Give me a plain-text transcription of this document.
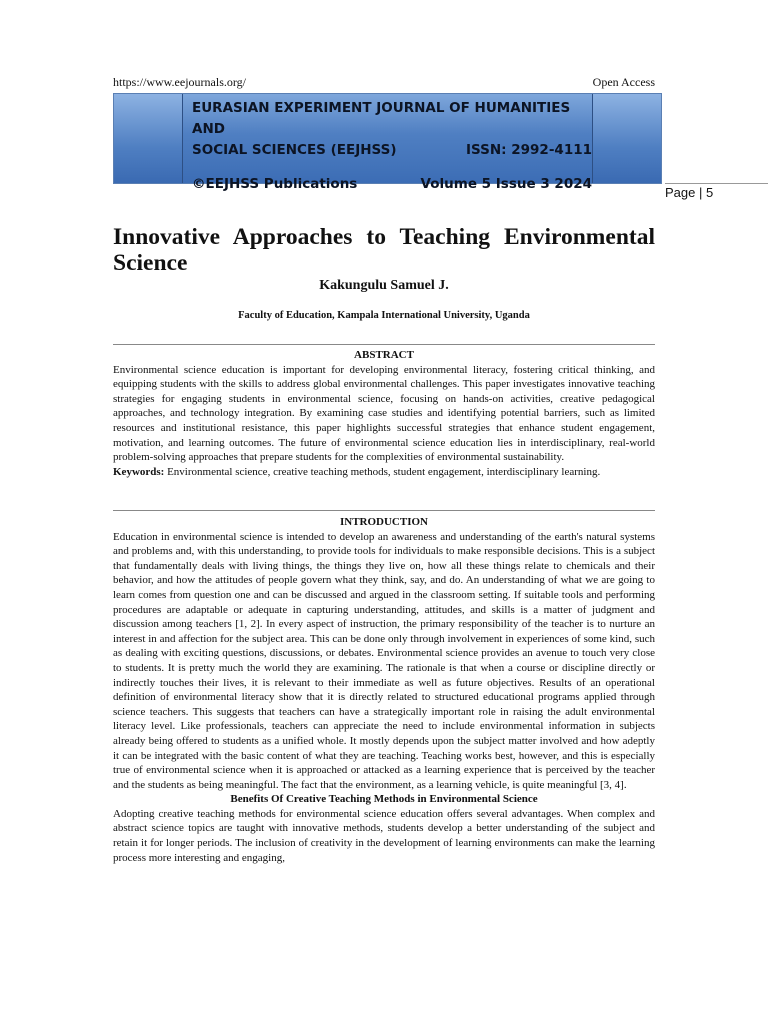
https://www.eejournals.org/	Open Access
EURASIAN EXPERIMENT JOURNAL OF HUMANITIES AND
SOCIAL SCIENCES (EEJHSS)	ISSN: 2992-4111
©EEJHSS Publications	Volume 5 Issue 3 2024
Page | 5
Innovative Approaches to Teaching Environmental Science
Kakungulu Samuel J.
Faculty of Education, Kampala International University, Uganda
ABSTRACT

Environmental science education is important for developing environmental literacy, fostering critical thinking, and equipping students with the skills to address global environmental challenges. This paper investigates innovative teaching strategies for engaging students in environmental science, focusing on hands-on activities, creative pedagogical approaches, and technology integration. By examining case studies and identifying potential barriers, such as limited resources and institutional resistance, this paper highlights successful strategies that enhance student engagement, motivation, and learning outcomes. The future of environmental science education lies in interdisciplinary, real-world problem-solving approaches that prepare students for the complexities of environmental sustainability.

Keywords: Environmental science, creative teaching methods, student engagement, interdisciplinary learning.

INTRODUCTION

Education in environmental science is intended to develop an awareness and understanding of the earth's natural systems and problems and, with this understanding, to provide tools for individuals to make responsible decisions. This is a subject that fundamentally deals with living things, the things they live on, how all these things relate to chemicals and their behavior, and how the attitudes of people govern what they think, say, and do. An understanding of what we are going to learn comes from question one and can be discussed and argued in the classroom setting. If suitable tools and performing procedures are adaptable or adequate in capturing understanding, attitudes, and skills is a matter of judgment and discussion among teachers [1, 2]. In every aspect of instruction, the primary responsibility of the teacher is to nurture an interest in and affection for the subject area. This can be done only through involvement in experiences of some kind, such as dealing with exciting questions, discussions, or debates. Environmental science provides an avenue to touch very close to students. It is pretty much the world they are examining. The rationale is that when a course or discipline directly or indirectly touches their lives, it is relevant to their immediate as well as future objectives. Results of an operational definition of environmental literacy show that it is directly related to structured educational programs applied through science teachers. This suggests that teachers can have a strategically important role in raising the adult environmental literacy level. Like professionals, teachers can appreciate the need to include environmental information in subjects already being offered to students as a unified whole. It mostly depends upon the subject matter involved and how adeptly it can be integrated with the basic content of what they are teaching. Teaching works best, however, and this is especially true of environmental science when it is approached or attacked as a learning experience that is perceived by the teacher and the students as being meaningful. The fact that the environment, as a learning vehicle, is quite meaningful [3, 4].

Benefits Of Creative Teaching Methods in Environmental Science

Adopting creative teaching methods for environmental science education offers several advantages. When complex and abstract science topics are taught with innovative methods, students develop a better understanding of the subject and retain it for longer periods. The inclusion of creativity in the development of learning environments can make the learning process more interesting and engaging,
